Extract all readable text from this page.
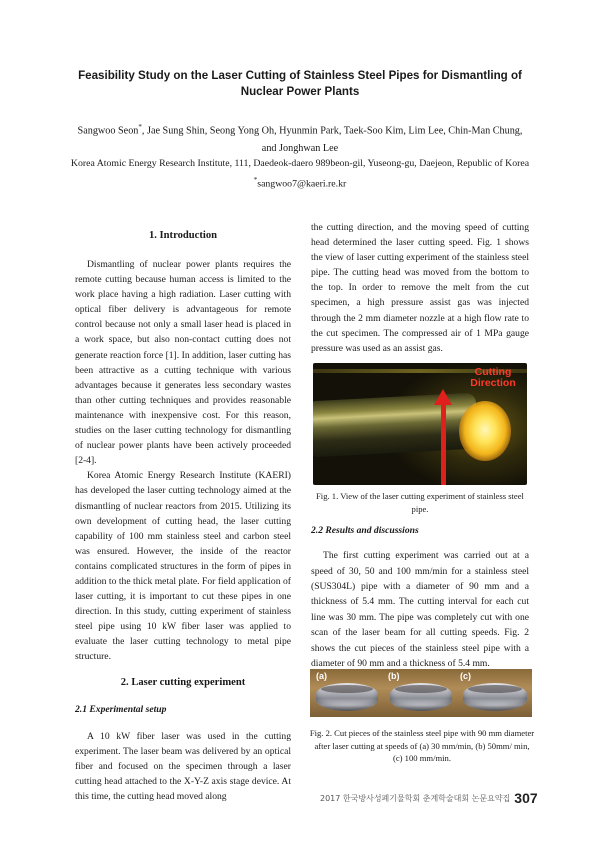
Feasibility Study on the Laser Cutting of Stainless Steel Pipes for Dismantling of
Nuclear Power Plants
Sangwoo Seon*, Jae Sung Shin, Seong Yong Oh, Hyunmin Park, Taek-Soo Kim, Lim Lee, Chin-Man Chung,
and Jonghwan Lee
Korea Atomic Energy Research Institute, 111, Daedeok-daero 989beon-gil, Yuseong-gu, Daejeon, Republic of Korea
*sangwoo7@kaeri.re.kr
1. Introduction

Dismantling of nuclear power plants requires the remote cutting because human access is limited to the work place having a high radiation. Laser cutting with optical fiber delivery is advantageous for remote control because not only a small laser head is placed in a work space, but also non-contact cutting does not generate reaction force [1]. In addition, laser cutting has been attractive as a cutting technique with various advantages because it generates less secondary wastes than other cutting techniques and provides reasonable maintenance with inexpensive cost. For this reason, studies on the laser cutting technology for dismantling of nuclear power plants have been actively proceeded [2-4].

Korea Atomic Energy Research Institute (KAERI) has developed the laser cutting technology aimed at the dismantling of nuclear reactors from 2015. Utilizing its own development of cutting head, the laser cutting capability of 100 mm stainless steel and carbon steel was ensured. However, the inside of the reactor contains complicated structures in the form of pipes in addition to the thick metal plate. For field application of laser cutting, it is important to cut these pipes in one direction. In this study, cutting experiment of stainless steel pipe using 10 kW fiber laser was applied to evaluate the laser cutting technology to metal pipe structure.

2. Laser cutting experiment
2.1 Experimental setup

A 10 kW fiber laser was used in the cutting experiment. The laser beam was delivered by an optical fiber and focused on the specimen through a laser cutting head attached to the X-Y-Z axis stage device. At this time, the cutting head moved along

the cutting direction, and the moving speed of cutting head determined the laser cutting speed. Fig. 1 shows the view of laser cutting experiment of the stainless steel pipe. The cutting head was moved from the bottom to the top. In order to remove the melt from the cut specimen, a high pressure assist gas was injected through the 2 mm diameter nozzle at a high flow rate to the cut specimen. The compressed air of 1 MPa gauge pressure was used as an assist gas.

Cutting
Direction
Fig. 1. View of the laser cutting experiment of stainless steel pipe.
2.2 Results and discussions

The first cutting experiment was carried out at a speed of 30, 50 and 100 mm/min for a stainless steel (SUS304L) pipe with a diameter of 90 mm and a thickness of 5.4 mm. The cutting interval for each cut line was 30 mm. The pipe was completely cut with one scan of the laser beam for all cutting speeds. Fig. 2 shows the cut pieces of the stainless steel pipe with a diameter of 90 mm and a thickness of 5.4 mm.

(a)	(b)	(c)
Fig. 2. Cut pieces of the stainless steel pipe with 90 mm diameter after laser cutting at speeds of (a) 30 mm/min, (b) 50mm/ min, (c) 100 mm/min.
2017 한국방사성폐기물학회 춘계학술대회 논문요약집 307
